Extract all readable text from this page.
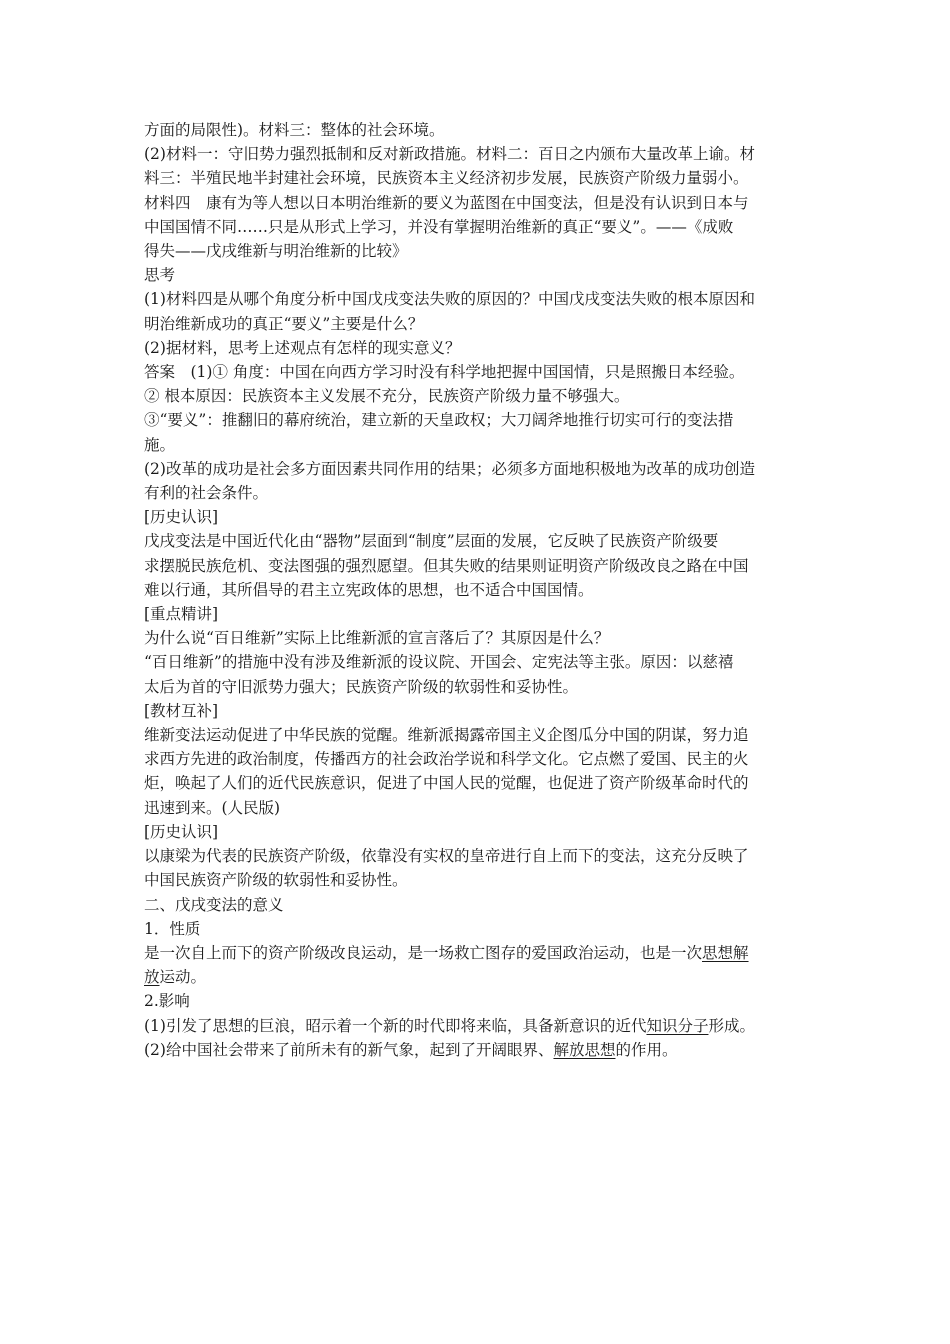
方面的局限性)。材料三：整体的社会环境。
(2)材料一：守旧势力强烈抵制和反对新政措施。材料二：百日之内颁布大量改革上谕。材
料三：半殖民地半封建社会环境，民族资本主义经济初步发展，民族资产阶级力量弱小。
材料四　康有为等人想以日本明治维新的要义为蓝图在中国变法，但是没有认识到日本与
中国国情不同……只是从形式上学习，并没有掌握明治维新的真正“要义”。——《成败
得失——戊戌维新与明治维新的比较》
思考
(1)材料四是从哪个角度分析中国戊戌变法失败的原因的？中国戊戌变法失败的根本原因和
明治维新成功的真正“要义”主要是什么？
(2)据材料，思考上述观点有怎样的现实意义？
答案　(1)① 角度：中国在向西方学习时没有科学地把握中国国情，只是照搬日本经验。
② 根本原因：民族资本主义发展不充分，民族资产阶级力量不够强大。
③“要义”：推翻旧的幕府统治，建立新的天皇政权；大刀阔斧地推行切实可行的变法措
施。
(2)改革的成功是社会多方面因素共同作用的结果；必须多方面地积极地为改革的成功创造
有利的社会条件。
[历史认识]
戊戌变法是中国近代化由“器物”层面到“制度”层面的发展，它反映了民族资产阶级要
求摆脱民族危机、变法图强的强烈愿望。但其失败的结果则证明资产阶级改良之路在中国
难以行通，其所倡导的君主立宪政体的思想，也不适合中国国情。
[重点精讲]
为什么说“百日维新”实际上比维新派的宣言落后了？其原因是什么？
“百日维新”的措施中没有涉及维新派的设议院、开国会、定宪法等主张。原因：以慈禧
太后为首的守旧派势力强大；民族资产阶级的软弱性和妥协性。
[教材互补]
维新变法运动促进了中华民族的觉醒。维新派揭露帝国主义企图瓜分中国的阴谋，努力追
求西方先进的政治制度，传播西方的社会政治学说和科学文化。它点燃了爱国、民主的火
炬，唤起了人们的近代民族意识，促进了中国人民的觉醒，也促进了资产阶级革命时代的
迅速到来。(人民版)
[历史认识]
以康梁为代表的民族资产阶级，依靠没有实权的皇帝进行自上而下的变法，这充分反映了
中国民族资产阶级的软弱性和妥协性。
二、戊戌变法的意义
1．性质
是一次自上而下的资产阶级改良运动，是一场救亡图存的爱国政治运动，也是一次思想解
放运动。
2.影响
(1)引发了思想的巨浪，昭示着一个新的时代即将来临，具备新意识的近代知识分子形成。
(2)给中国社会带来了前所未有的新气象，起到了开阔眼界、解放思想的作用。
